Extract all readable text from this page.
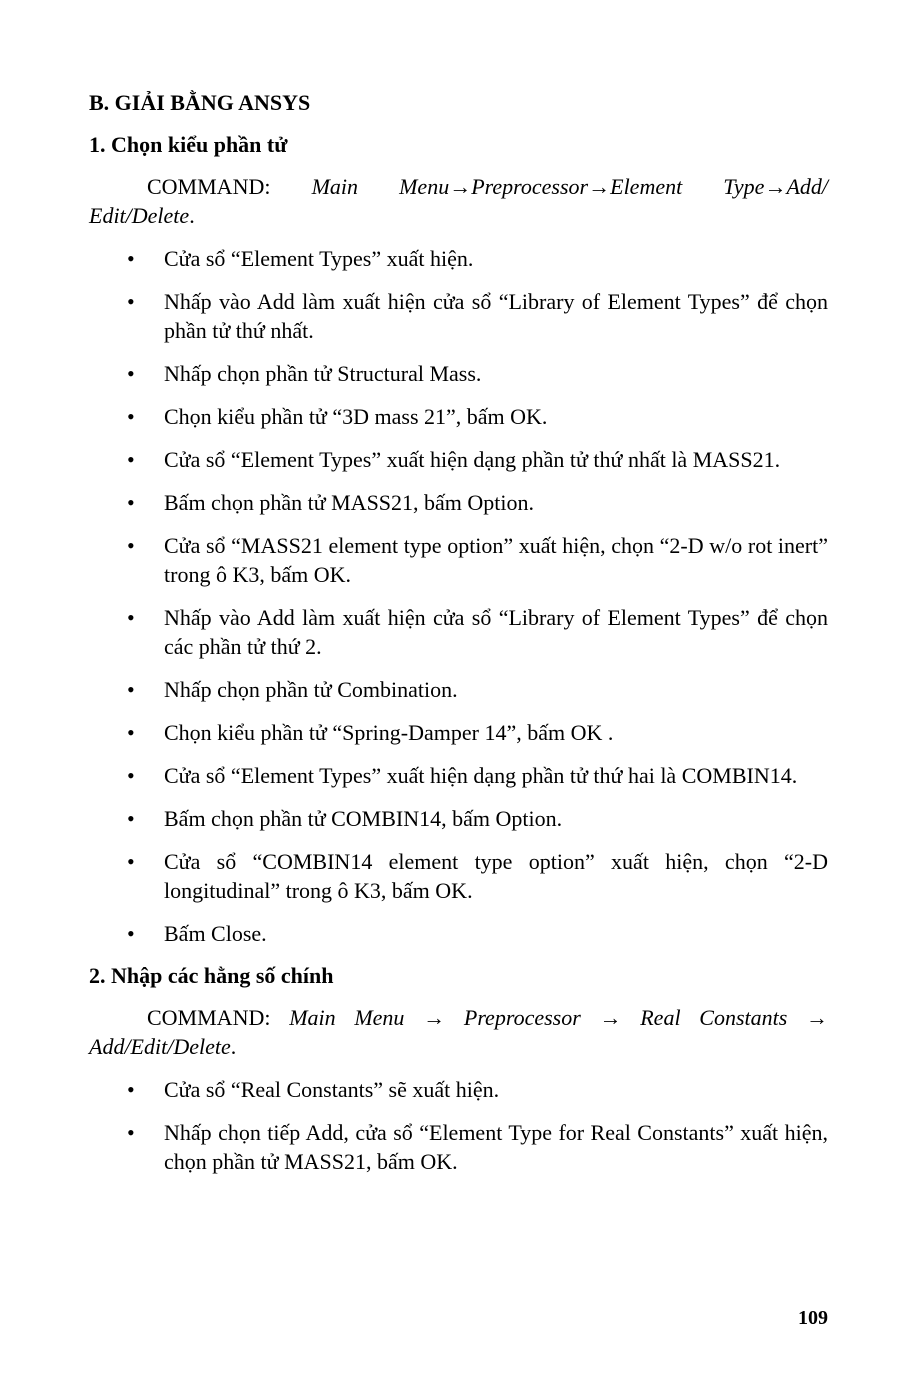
B. GIẢI BẰNG ANSYS
1. Chọn kiểu phần tử

COMMAND: Main Menu→Preprocessor→Element Type→Add/ Edit/Delete.

• Cửa sổ “Element Types” xuất hiện.
• Nhấp vào Add làm xuất hiện cửa sổ “Library of Element Types” để chọn phần tử thứ nhất.
• Nhấp chọn phần tử Structural Mass.
• Chọn kiểu phần tử “3D mass 21”, bấm OK.
• Cửa sổ “Element Types” xuất hiện dạng phần tử thứ nhất là MASS21.
• Bấm chọn phần tử MASS21, bấm Option.
• Cửa sổ “MASS21 element type option” xuất hiện, chọn “2-D w/o rot inert” trong ô K3, bấm OK.
• Nhấp vào Add làm xuất hiện cửa sổ “Library of Element Types” để chọn các phần tử thứ 2.
• Nhấp chọn phần tử Combination.
• Chọn kiểu phần tử “Spring-Damper 14”, bấm OK .
• Cửa sổ “Element Types” xuất hiện dạng phần tử thứ hai là COMBIN14.
• Bấm chọn phần tử COMBIN14, bấm Option.
• Cửa sổ “COMBIN14 element type option” xuất hiện, chọn “2-D longitudinal” trong ô K3, bấm OK.
• Bấm Close.
2. Nhập các hằng số chính

COMMAND: Main Menu → Preprocessor → Real Constants → Add/Edit/Delete.

• Cửa sổ “Real Constants” sẽ xuất hiện.
• Nhấp chọn tiếp Add, cửa sổ “Element Type for Real Constants” xuất hiện, chọn phần tử MASS21, bấm OK.
109
